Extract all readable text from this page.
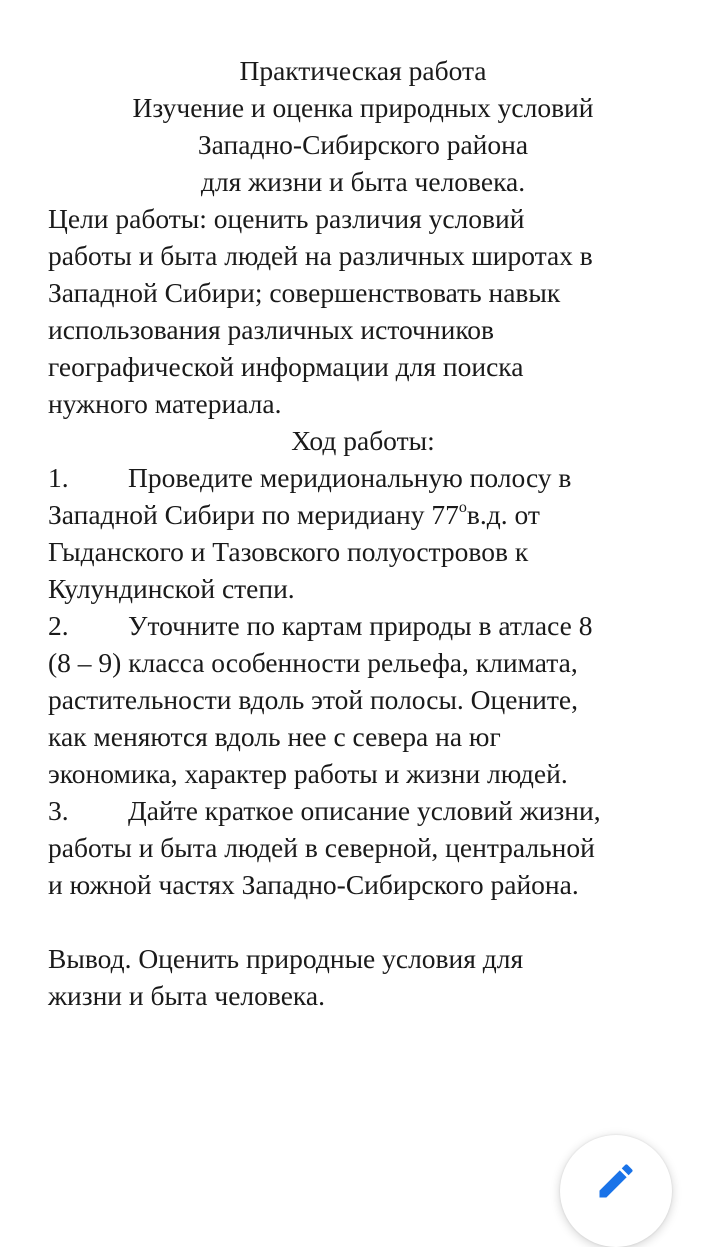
Практическая работа
Изучение и оценка природных условий
Западно-Сибирского района
для жизни и быта человека.
Цели работы: оценить различия условий
работы и быта людей на различных широтах в
Западной Сибири; совершенствовать навык
использования различных источников
географической информации для поиска
нужного материала.
Ход работы:
1. Проведите меридиональную полосу в
Западной Сибири по меридиану 77$^o$в.д. от
Гыданского и Тазовского полуостровов к
Кулундинской степи.
2. Уточните по картам природы в атласе 8
(8 – 9) класса особенности рельефа, климата,
растительности вдоль этой полосы. Оцените,
как меняются вдоль нее с севера на юг
экономика, характер работы и жизни людей.
3. Дайте краткое описание условий жизни,
работы и быта людей в северной, центральной
и южной частях Западно-Сибирского района.
Вывод. Оценить природные условия для
жизни и быта человека.
